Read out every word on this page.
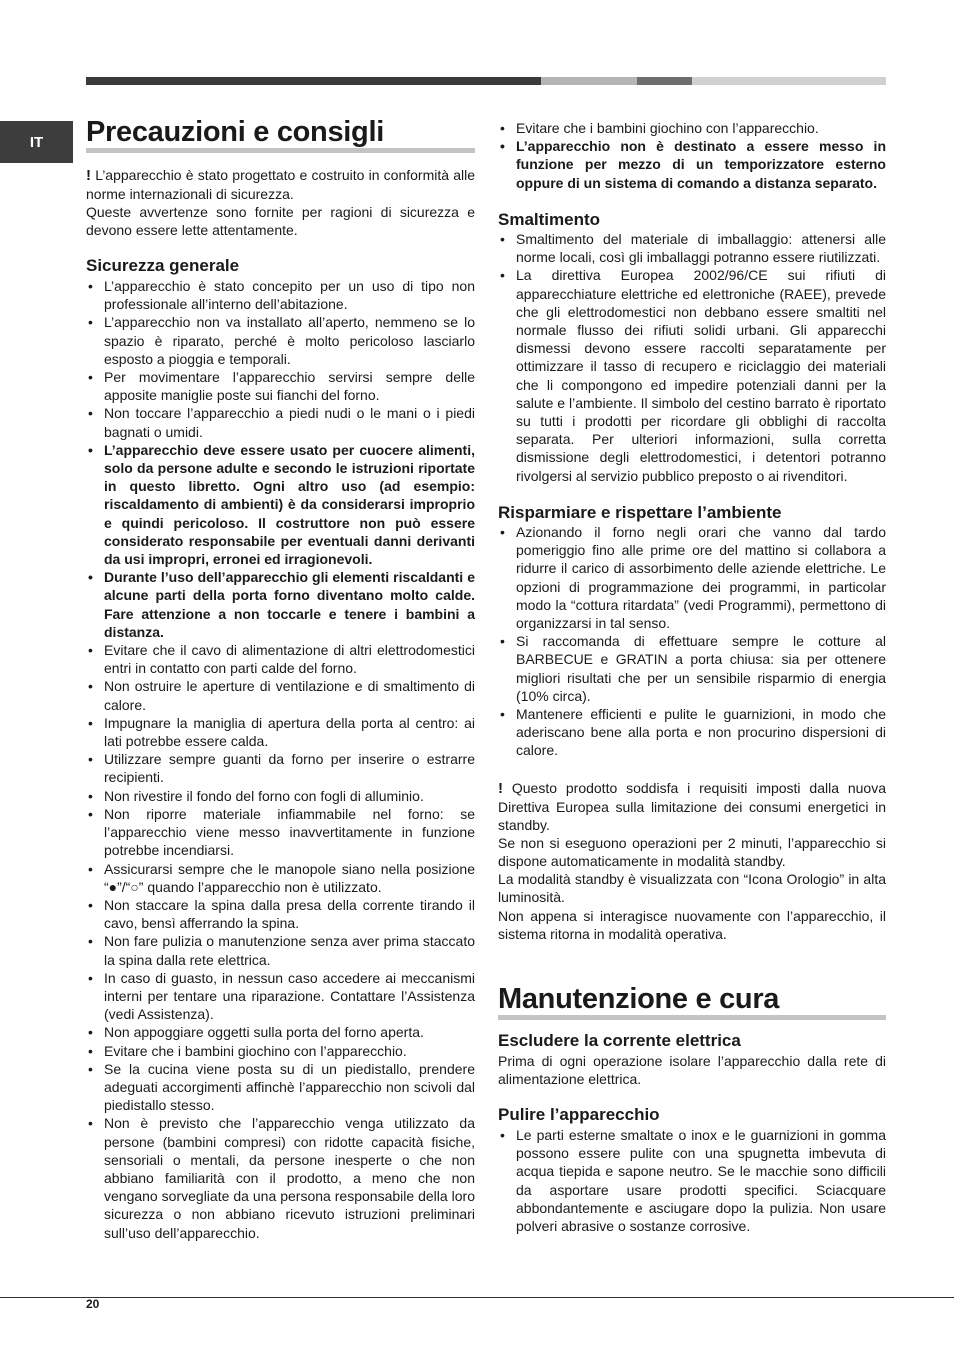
IT	Precauzioni e consigli

! L’apparecchio è stato progettato e costruito in conformità alle norme internazionali di sicurezza.

Queste avvertenze sono fornite per ragioni di sicurezza e devono essere lette attentamente.

Sicurezza generale
• L’apparecchio è stato concepito per un uso di tipo non professionale all’interno dell’abitazione.
• L’apparecchio non va installato all’aperto, nemmeno se lo spazio è riparato, perché è molto pericoloso lasciarlo esposto a pioggia e temporali.
• Per movimentare l’apparecchio servirsi sempre delle apposite maniglie poste sui fianchi del forno.
• Non toccare l’apparecchio a piedi nudi o le mani o i piedi bagnati o umidi.
• L’apparecchio deve essere usato per cuocere alimenti, solo da persone adulte e secondo le istruzioni riportate in questo libretto. Ogni altro uso (ad esempio: riscaldamento di ambienti) è da considerarsi improprio e quindi pericoloso. Il costruttore non può essere considerato responsabile per eventuali danni derivanti da usi impropri, erronei ed irragionevoli.
• Durante l’uso dell’apparecchio gli elementi riscaldanti e alcune parti della porta forno diventano molto calde. Fare attenzione a non toccarle e tenere i bambini a distanza.
• Evitare che il cavo di alimentazione di altri elettrodomestici entri in contatto con parti calde del forno.
• Non ostruire le aperture di ventilazione e di smaltimento di calore.
• Impugnare la maniglia di apertura della porta al centro: ai lati potrebbe essere calda.
• Utilizzare sempre guanti da forno per inserire o estrarre recipienti.
• Non rivestire il fondo del forno con fogli di alluminio.
• Non riporre materiale infiammabile nel forno: se l’apparecchio viene messo inavvertitamente in funzione potrebbe incendiarsi.
• Assicurarsi sempre che le manopole siano nella posizione “●”/“○” quando l’apparecchio non è utilizzato.
• Non staccare la spina dalla presa della corrente tirando il cavo, bensì afferrando la spina.
• Non fare pulizia o manutenzione senza aver prima staccato la spina dalla rete elettrica.
• In caso di guasto, in nessun caso accedere ai meccanismi interni per tentare una riparazione. Contattare l’Assistenza (vedi Assistenza).
• Non appoggiare oggetti sulla porta del forno aperta.
• Evitare che i bambini giochino con l’apparecchio.
• Se la cucina viene posta su di un piedistallo, prendere adeguati accorgimenti affinchè l’apparecchio non scivoli dal piedistallo stesso.
• Non è previsto che l’apparecchio venga utilizzato da persone (bambini compresi) con ridotte capacità fisiche, sensoriali o mentali, da persone inesperte o che non abbiano familiarità con il prodotto, a meno che non vengano sorvegliate da una persona responsabile della loro sicurezza o non abbiano ricevuto istruzioni preliminari sull’uso dell’apparecchio.
• Evitare che i bambini giochino con l’apparecchio.
• L’apparecchio non è destinato a essere messo in funzione per mezzo di un temporizzatore esterno oppure di un sistema di comando a distanza separato.
Smaltimento
• Smaltimento del materiale di imballaggio: attenersi alle norme locali, così gli imballaggi potranno essere riutilizzati.
• La direttiva Europea 2002/96/CE sui rifiuti di apparecchiature elettriche ed elettroniche (RAEE), prevede che gli elettrodomestici non debbano essere smaltiti nel normale flusso dei rifiuti solidi urbani. Gli apparecchi dismessi devono essere raccolti separatamente per ottimizzare il tasso di recupero e riciclaggio dei materiali che li compongono ed impedire potenziali danni per la salute e l’ambiente. Il simbolo del cestino barrato è riportato su tutti i prodotti per ricordare gli obblighi di raccolta separata. Per ulteriori informazioni, sulla corretta dismissione degli elettrodomestici, i detentori potranno rivolgersi al servizio pubblico preposto o ai rivenditori.
Risparmiare e rispettare l’ambiente
• Azionando il forno negli orari che vanno dal tardo pomeriggio fino alle prime ore del mattino si collabora a ridurre il carico di assorbimento delle aziende elettriche. Le opzioni di programmazione dei programmi, in particolar modo la “cottura ritardata” (vedi Programmi), permettono di organizzarsi in tal senso.
• Si raccomanda di effettuare sempre le cotture al BARBECUE e GRATIN a porta chiusa: sia per ottenere migliori risultati che per un sensibile risparmio di energia (10% circa).
• Mantenere efficienti e pulite le guarnizioni, in modo che aderiscano bene alla porta e non procurino dispersioni di calore.

! Questo prodotto soddisfa i requisiti imposti dalla nuova Direttiva Europea sulla limitazione dei consumi energetici in standby.

Se non si eseguono operazioni per 2 minuti, l’apparecchio si dispone automaticamente in modalità standby.

La modalità standby è visualizzata con “Icona Orologio” in alta luminosità.

Non appena si interagisce nuovamente con l’apparecchio, il sistema ritorna in modalità operativa.

Manutenzione e cura
Escludere la corrente elettrica

Prima di ogni operazione isolare l’apparecchio dalla rete di alimentazione elettrica.

Pulire l’apparecchio
• Le parti esterne smaltate o inox e le guarnizioni in gomma possono essere pulite con una spugnetta imbevuta di acqua tiepida e sapone neutro. Se le macchie sono difficili da asportare usare prodotti specifici. Sciacquare abbondantemente e asciugare dopo la pulizia. Non usare polveri abrasive o sostanze corrosive.
20
